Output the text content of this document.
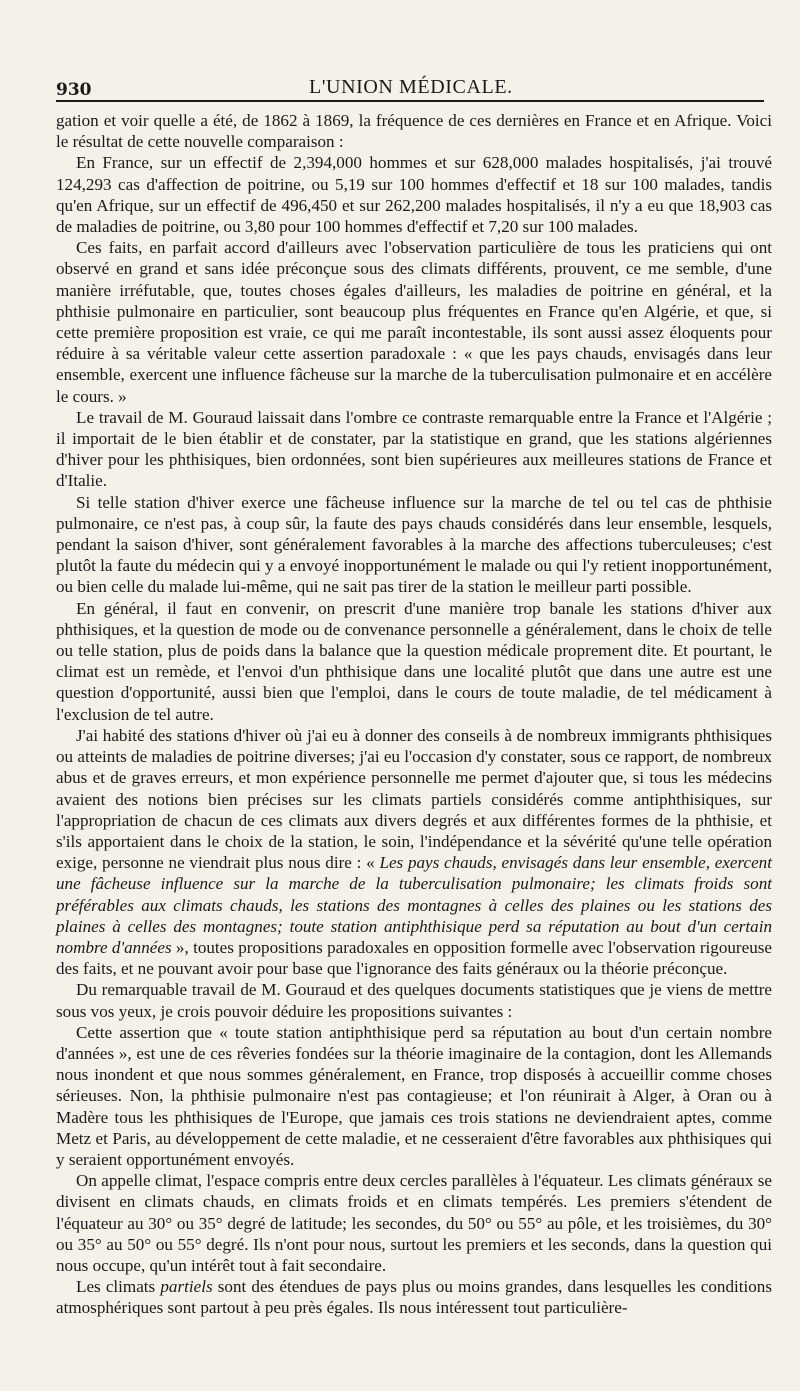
930	L'UNION MÉDICALE.

gation et voir quelle a été, de 1862 à 1869, la fréquence de ces dernières en France et en Afrique. Voici le résultat de cette nouvelle comparaison :

En France, sur un effectif de 2,394,000 hommes et sur 628,000 malades hospitalisés, j'ai trouvé 124,293 cas d'affection de poitrine, ou 5,19 sur 100 hommes d'effectif et 18 sur 100 malades, tandis qu'en Afrique, sur un effectif de 496,450 et sur 262,200 malades hospitalisés, il n'y a eu que 18,903 cas de maladies de poitrine, ou 3,80 pour 100 hommes d'effectif et 7,20 sur 100 malades.

Ces faits, en parfait accord d'ailleurs avec l'observation particulière de tous les praticiens qui ont observé en grand et sans idée préconçue sous des climats différents, prouvent, ce me semble, d'une manière irréfutable, que, toutes choses égales d'ailleurs, les maladies de poitrine en général, et la phthisie pulmonaire en particulier, sont beaucoup plus fréquentes en France qu'en Algérie, et que, si cette première proposition est vraie, ce qui me paraît incontestable, ils sont aussi assez éloquents pour réduire à sa véritable valeur cette assertion paradoxale : « que les pays chauds, envisagés dans leur ensemble, exercent une influence fâcheuse sur la marche de la tuberculisation pulmonaire et en accélère le cours. »

Le travail de M. Gouraud laissait dans l'ombre ce contraste remarquable entre la France et l'Algérie ; il importait de le bien établir et de constater, par la statistique en grand, que les stations algériennes d'hiver pour les phthisiques, bien ordonnées, sont bien supérieures aux meilleures stations de France et d'Italie.

Si telle station d'hiver exerce une fâcheuse influence sur la marche de tel ou tel cas de phthisie pulmonaire, ce n'est pas, à coup sûr, la faute des pays chauds considérés dans leur ensemble, lesquels, pendant la saison d'hiver, sont généralement favorables à la marche des affections tuberculeuses; c'est plutôt la faute du médecin qui y a envoyé inopportunément le malade ou qui l'y retient inopportunément, ou bien celle du malade lui-même, qui ne sait pas tirer de la station le meilleur parti possible.

En général, il faut en convenir, on prescrit d'une manière trop banale les stations d'hiver aux phthisiques, et la question de mode ou de convenance personnelle a généralement, dans le choix de telle ou telle station, plus de poids dans la balance que la question médicale proprement dite. Et pourtant, le climat est un remède, et l'envoi d'un phthisique dans une localité plutôt que dans une autre est une question d'opportunité, aussi bien que l'emploi, dans le cours de toute maladie, de tel médicament à l'exclusion de tel autre.

J'ai habité des stations d'hiver où j'ai eu à donner des conseils à de nombreux immigrants phthisiques ou atteints de maladies de poitrine diverses; j'ai eu l'occasion d'y constater, sous ce rapport, de nombreux abus et de graves erreurs, et mon expérience personnelle me permet d'ajouter que, si tous les médecins avaient des notions bien précises sur les climats partiels considérés comme antiphthisiques, sur l'appropriation de chacun de ces climats aux divers degrés et aux différentes formes de la phthisie, et s'ils apportaient dans le choix de la station, le soin, l'indépendance et la sévérité qu'une telle opération exige, personne ne viendrait plus nous dire : « Les pays chauds, envisagés dans leur ensemble, exercent une fâcheuse influence sur la marche de la tuberculisation pulmonaire; les climats froids sont préférables aux climats chauds, les stations des montagnes à celles des plaines ou les stations des plaines à celles des montagnes; toute station antiphthisique perd sa réputation au bout d'un certain nombre d'années », toutes propositions paradoxales en opposition formelle avec l'observation rigoureuse des faits, et ne pouvant avoir pour base que l'ignorance des faits généraux ou la théorie préconçue.

Du remarquable travail de M. Gouraud et des quelques documents statistiques que je viens de mettre sous vos yeux, je crois pouvoir déduire les propositions suivantes :

Cette assertion que « toute station antiphthisique perd sa réputation au bout d'un certain nombre d'années », est une de ces rêveries fondées sur la théorie imaginaire de la contagion, dont les Allemands nous inondent et que nous sommes généralement, en France, trop disposés à accueillir comme choses sérieuses. Non, la phthisie pulmonaire n'est pas contagieuse; et l'on réunirait à Alger, à Oran ou à Madère tous les phthisiques de l'Europe, que jamais ces trois stations ne deviendraient aptes, comme Metz et Paris, au développement de cette maladie, et ne cesseraient d'être favorables aux phthisiques qui y seraient opportunément envoyés.

On appelle climat, l'espace compris entre deux cercles parallèles à l'équateur. Les climats généraux se divisent en climats chauds, en climats froids et en climats tempérés. Les premiers s'étendent de l'équateur au 30° ou 35° degré de latitude; les secondes, du 50° ou 55° au pôle, et les troisièmes, du 30° ou 35° au 50° ou 55° degré. Ils n'ont pour nous, surtout les premiers et les seconds, dans la question qui nous occupe, qu'un intérêt tout à fait secondaire.

Les climats partiels sont des étendues de pays plus ou moins grandes, dans lesquelles les conditions atmosphériques sont partout à peu près égales. Ils nous intéressent tout particulière-
